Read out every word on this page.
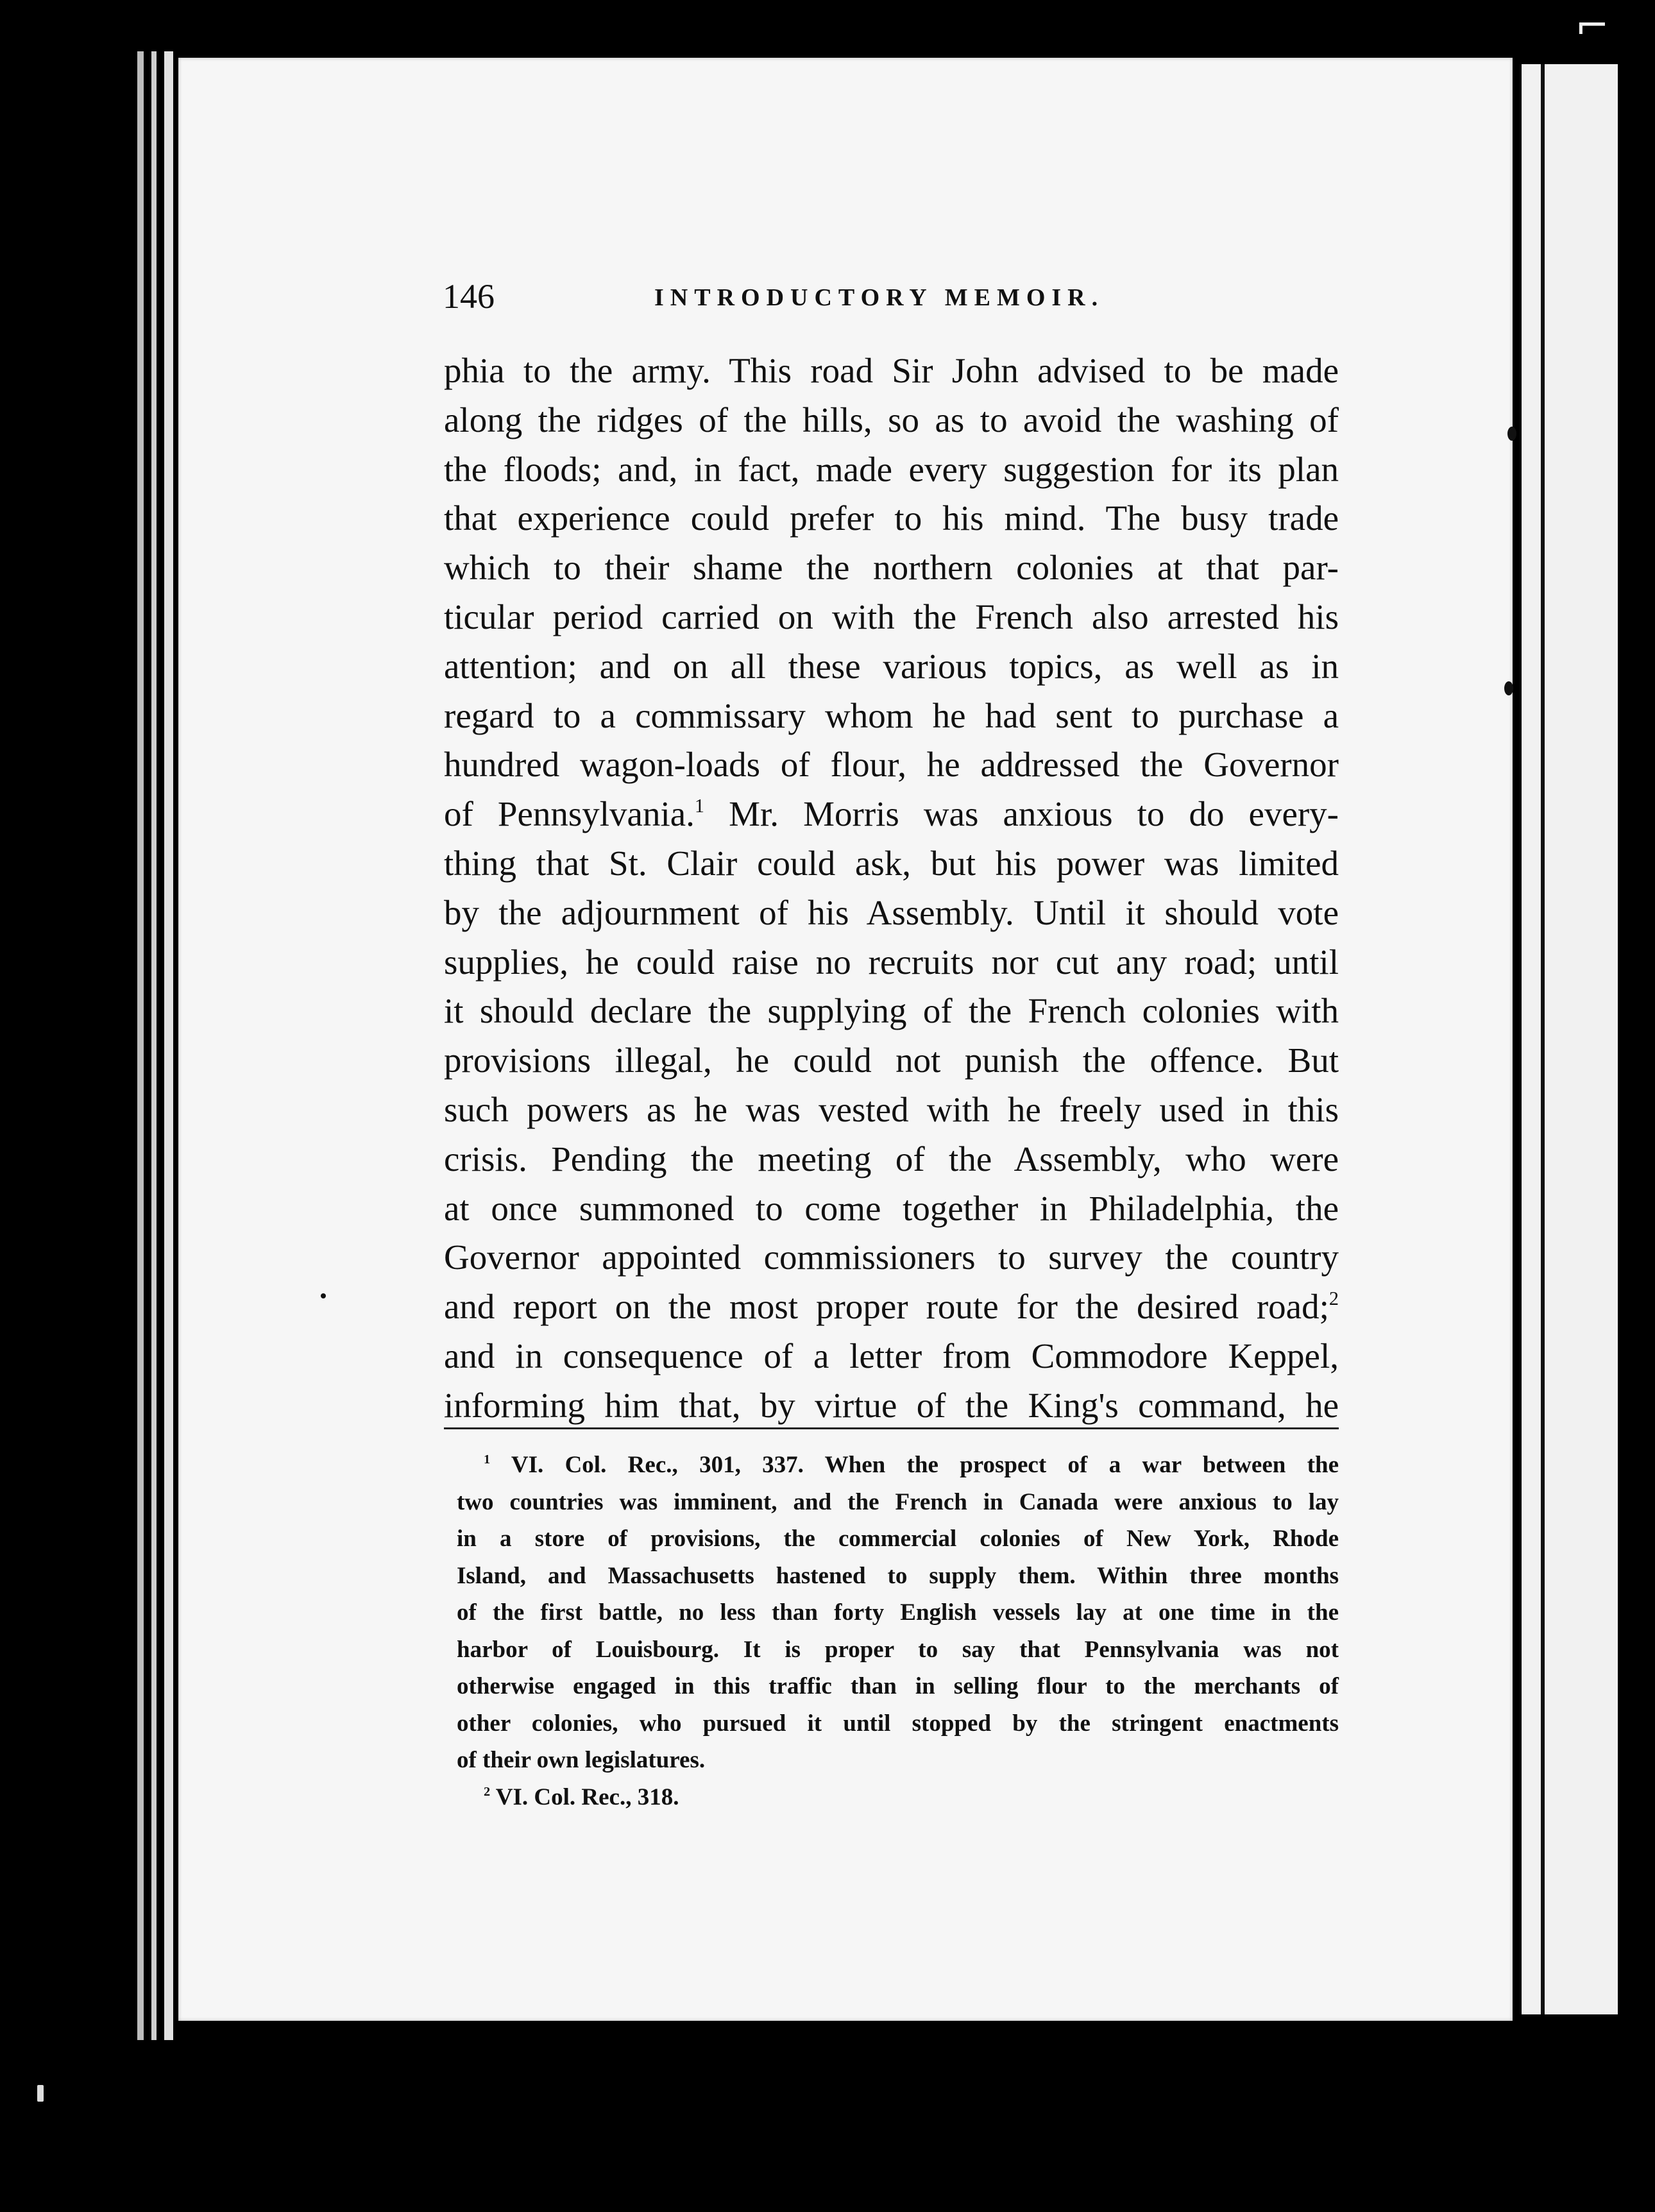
⌐
146	INTRODUCTORY MEMOIR.
phia to the army. This road Sir John advised to be made
along the ridges of the hills, so as to avoid the washing of
the floods; and, in fact, made every suggestion for its plan
that experience could prefer to his mind. The busy trade
which to their shame the northern colonies at that par-
ticular period carried on with the French also arrested his
attention; and on all these various topics, as well as in
regard to a commissary whom he had sent to purchase a
hundred wagon-loads of flour, he addressed the Governor
of Pennsylvania.$^1$ Mr. Morris was anxious to do every-
thing that St. Clair could ask, but his power was limited
by the adjournment of his Assembly. Until it should vote
supplies, he could raise no recruits nor cut any road; until
it should declare the supplying of the French colonies with
provisions illegal, he could not punish the offence. But
such powers as he was vested with he freely used in this
crisis. Pending the meeting of the Assembly, who were
at once summoned to come together in Philadelphia, the
Governor appointed commissioners to survey the country
and report on the most proper route for the desired road;$^2$
and in consequence of a letter from Commodore Keppel,
informing him that, by virtue of the King's command, he
$^1$ VI. Col. Rec., 301, 337. When the prospect of a war between the
two countries was imminent, and the French in Canada were anxious to lay
in a store of provisions, the commercial colonies of New York, Rhode
Island, and Massachusetts hastened to supply them. Within three months
of the first battle, no less than forty English vessels lay at one time in the
harbor of Louisbourg. It is proper to say that Pennsylvania was not
otherwise engaged in this traffic than in selling flour to the merchants of
other colonies, who pursued it until stopped by the stringent enactments
of their own legislatures.
$^2$ VI. Col. Rec., 318.
